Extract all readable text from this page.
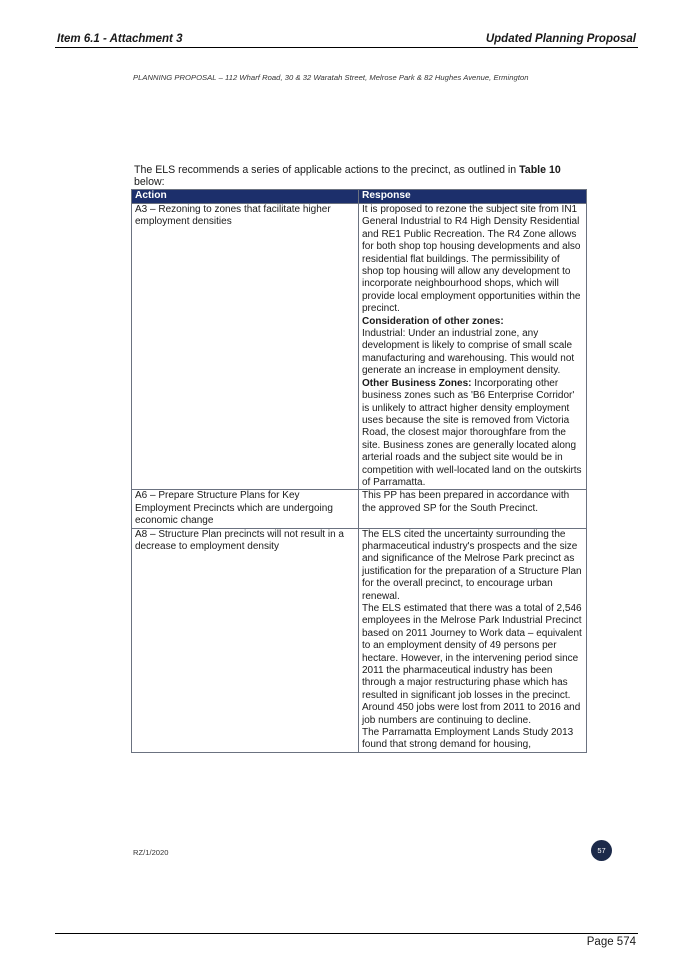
Item 6.1 - Attachment 3	Updated Planning Proposal
PLANNING PROPOSAL – 112 Wharf Road, 30 & 32 Waratah Street, Melrose Park & 82 Hughes Avenue, Ermington
The ELS recommends a series of applicable actions to the precinct, as outlined in Table 10
below:
Action	Response
A3 – Rezoning to zones that facilitate higher employment densities	It is proposed to rezone the subject site from IN1 General Industrial to R4 High Density Residential and RE1 Public Recreation. The R4 Zone allows for both shop top housing developments and also residential flat buildings. The permissibility of shop top housing will allow any development to incorporate neighbourhood shops, which will provide local employment opportunities within the precinct.

Consideration of other zones:

Industrial: Under an industrial zone, any development is likely to comprise of small scale manufacturing and warehousing. This would not generate an increase in employment density.

Other Business Zones: Incorporating other business zones such as 'B6 Enterprise Corridor' is unlikely to attract higher density employment uses because the site is removed from Victoria Road, the closest major thoroughfare from the site. Business zones are generally located along arterial roads and the subject site would be in competition with well-located land on the outskirts of Parramatta.

A6 – Prepare Structure Plans for Key Employment Precincts which are undergoing economic change	This PP has been prepared in accordance with the approved SP for the South Precinct.

A8 – Structure Plan precincts will not result in a decrease to employment density	The ELS cited the uncertainty surrounding the pharmaceutical industry's prospects and the size and significance of the Melrose Park precinct as justification for the preparation of a Structure Plan for the overall precinct, to encourage urban renewal.

The ELS estimated that there was a total of 2,546 employees in the Melrose Park Industrial Precinct based on 2011 Journey to Work data – equivalent to an employment density of 49 persons per hectare. However, in the intervening period since 2011 the pharmaceutical industry has been through a major restructuring phase which has resulted in significant job losses in the precinct. Around 450 jobs were lost from 2011 to 2016 and job numbers are continuing to decline.

The Parramatta Employment Lands Study 2013 found that strong demand for housing,

RZ/1/2020	57
Page 574
